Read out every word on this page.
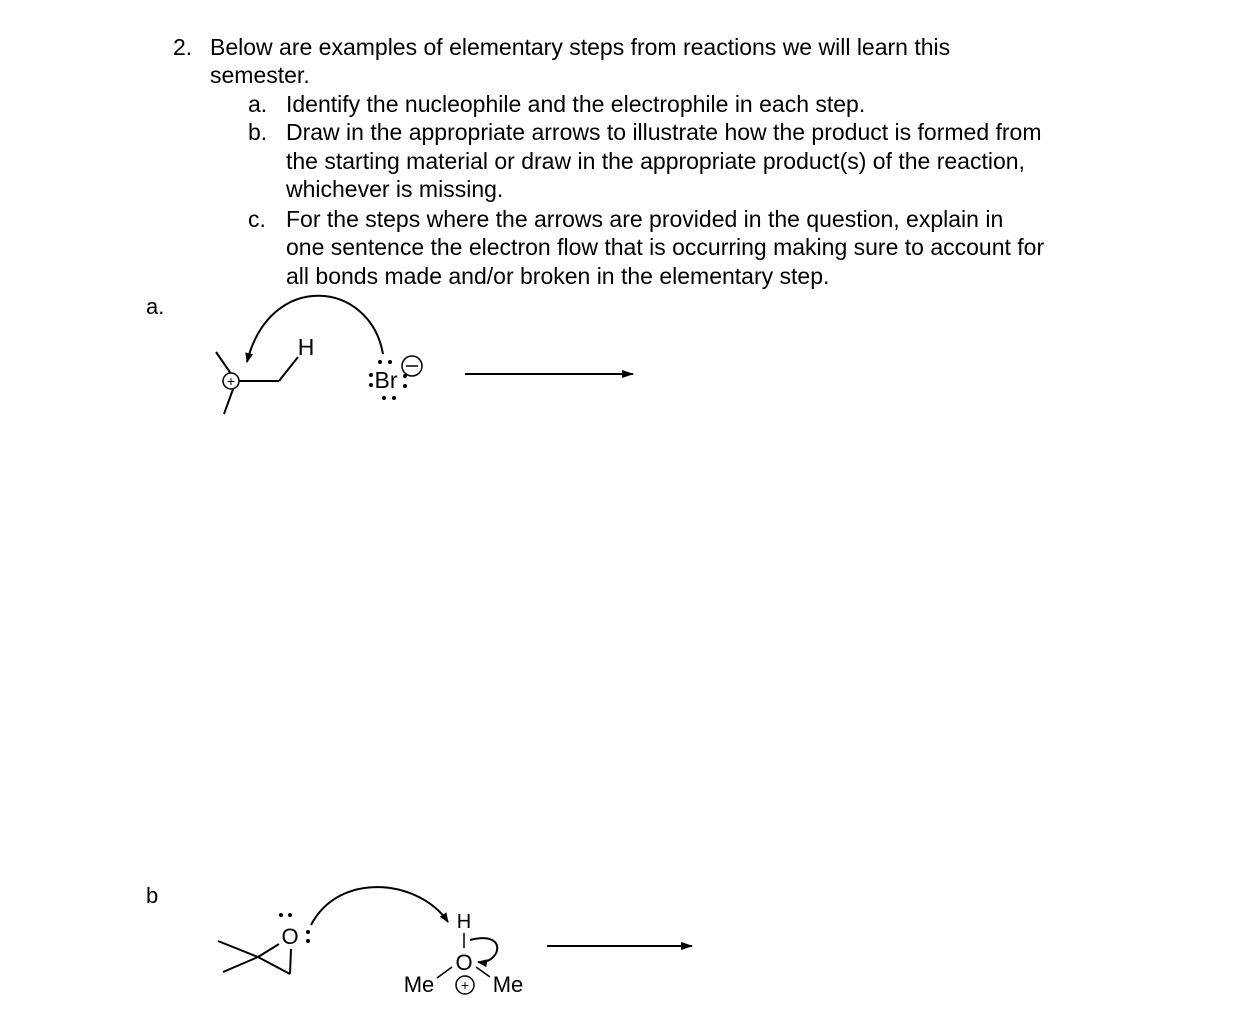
2. Below are examples of elementary steps from reactions we will learn this
semester.
a. Identify the nucleophile and the electrophile in each step.
b. Draw in the appropriate arrows to illustrate how the product is formed from
the starting material or draw in the appropriate product(s) of the reaction,
whichever is missing.
c. For the steps where the arrows are provided in the question, explain in
one sentence the electron flow that is occurring making sure to account for
all bonds made and/or broken in the elementary step.
a.
b
+
H
Br
O
H
O
Me	Me
+
